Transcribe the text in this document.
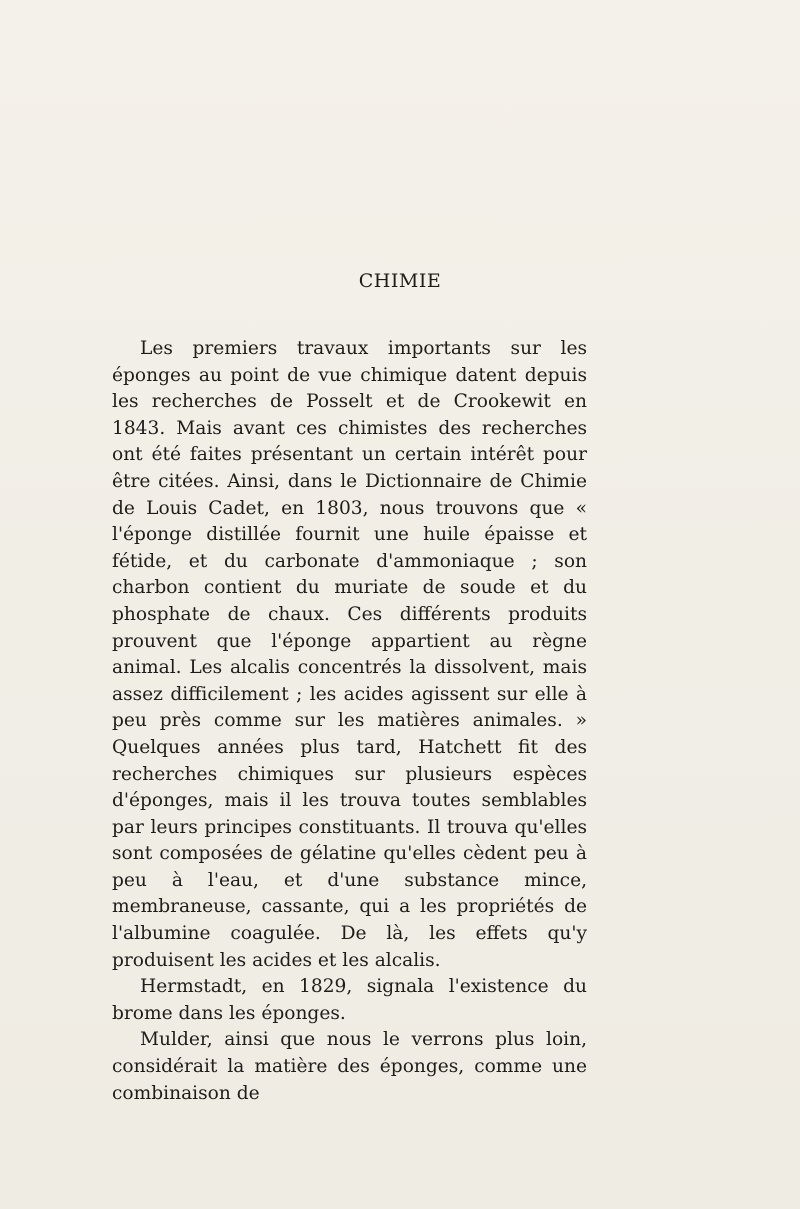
CHIMIE

Les premiers travaux importants sur les éponges au point de vue chimique datent depuis les recherches de Posselt et de Crookewit en 1843. Mais avant ces chimistes des recherches ont été faites présentant un certain intérêt pour être citées. Ainsi, dans le Dictionnaire de Chimie de Louis Cadet, en 1803, nous trouvons que « l'éponge distillée fournit une huile épaisse et fétide, et du carbonate d'ammoniaque ; son charbon contient du muriate de soude et du phosphate de chaux. Ces différents produits prouvent que l'éponge appartient au règne animal. Les alcalis concentrés la dissolvent, mais assez difficilement ; les acides agissent sur elle à peu près comme sur les matières animales. » Quelques années plus tard, Hatchett fit des recherches chimiques sur plusieurs espèces d'éponges, mais il les trouva toutes semblables par leurs principes constituants. Il trouva qu'elles sont composées de gélatine qu'elles cèdent peu à peu à l'eau, et d'une substance mince, membraneuse, cassante, qui a les propriétés de l'albumine coagulée. De là, les effets qu'y produisent les acides et les alcalis.

Hermstadt, en 1829, signala l'existence du brome dans les éponges.

Mulder, ainsi que nous le verrons plus loin, considérait la matière des éponges, comme une combinaison de
